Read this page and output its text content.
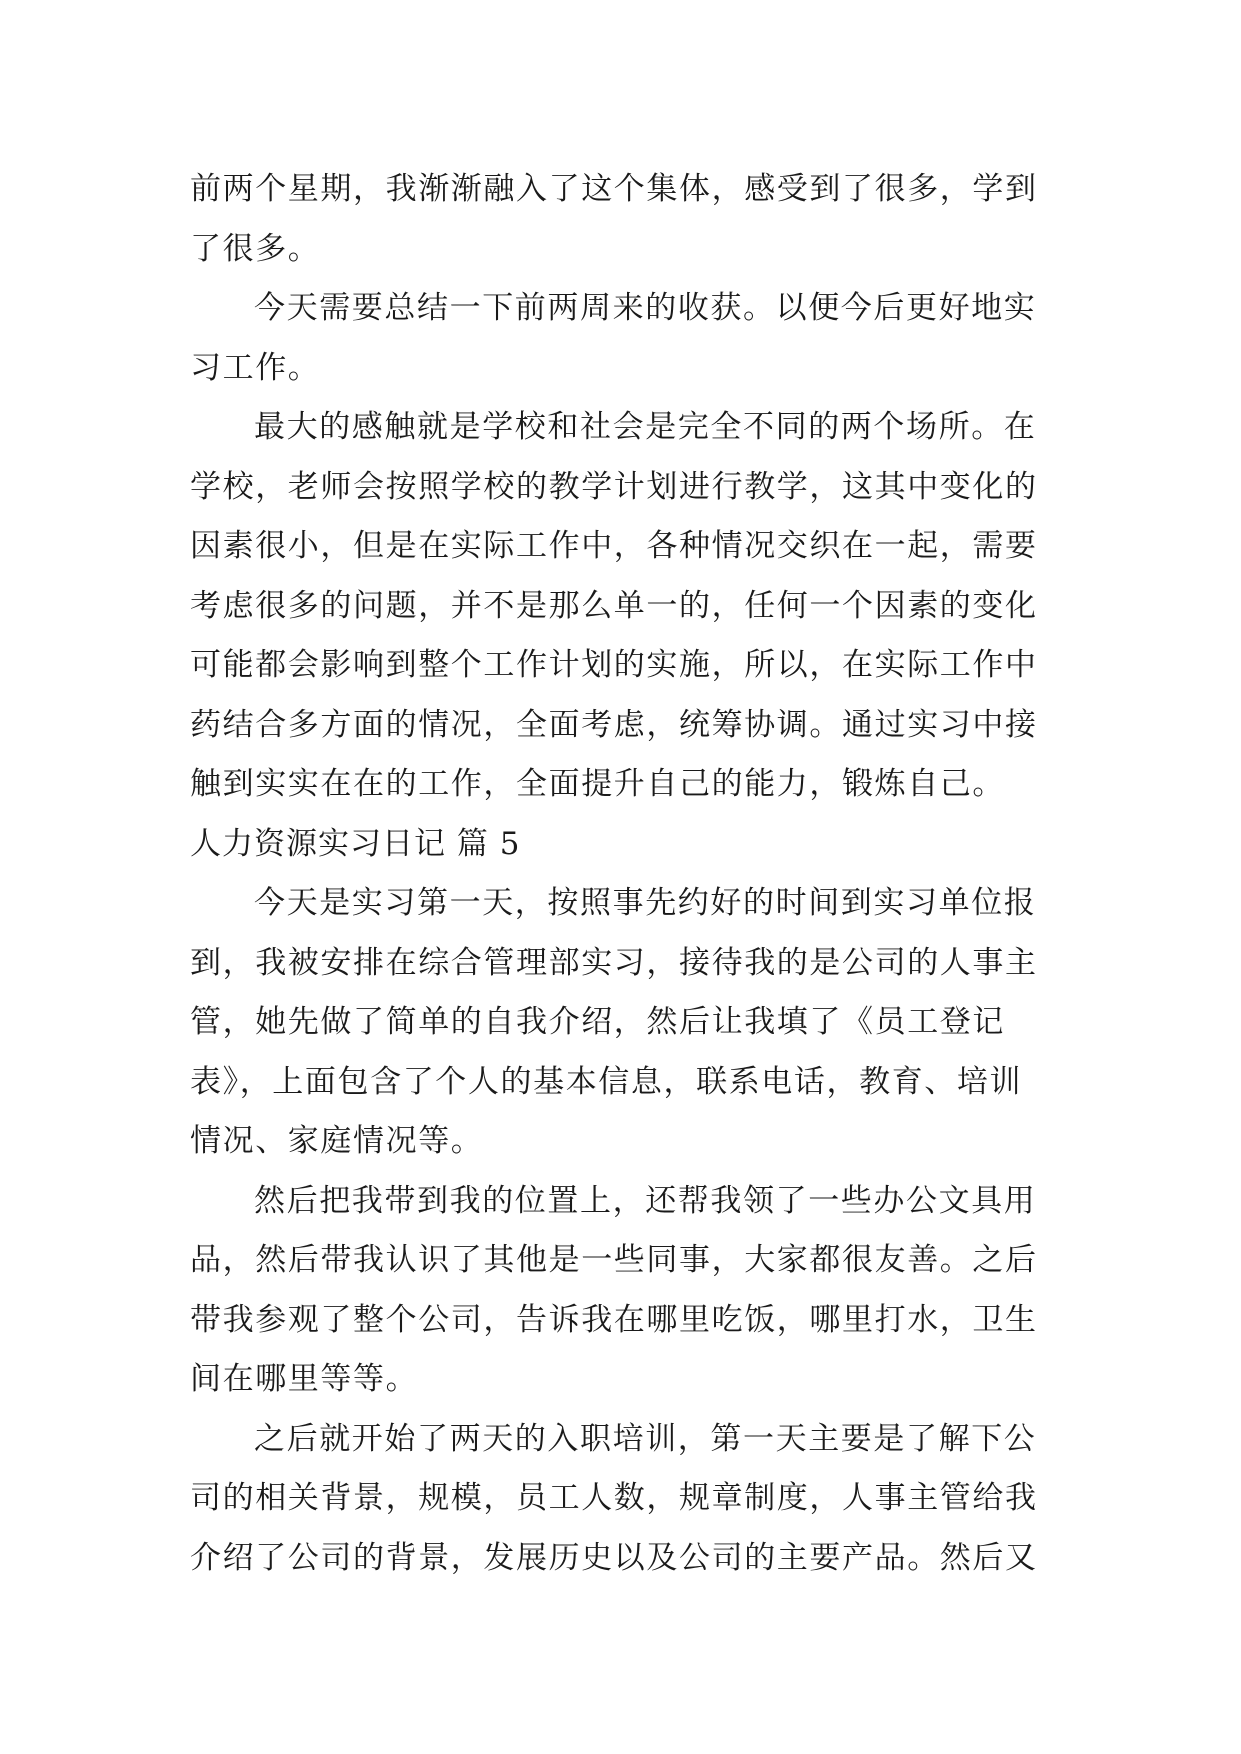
前两个星期，我渐渐融入了这个集体，感受到了很多，学到
了很多。
今天需要总结一下前两周来的收获。以便今后更好地实
习工作。
最大的感触就是学校和社会是完全不同的两个场所。在
学校，老师会按照学校的教学计划进行教学，这其中变化的
因素很小，但是在实际工作中，各种情况交织在一起，需要
考虑很多的问题，并不是那么单一的，任何一个因素的变化
可能都会影响到整个工作计划的实施，所以，在实际工作中
药结合多方面的情况，全面考虑，统筹协调。通过实习中接
触到实实在在的工作，全面提升自己的能力，锻炼自己。
人力资源实习日记 篇 5
今天是实习第一天，按照事先约好的时间到实习单位报
到，我被安排在综合管理部实习，接待我的是公司的人事主
管，她先做了简单的自我介绍，然后让我填了《员工登记
表》，上面包含了个人的基本信息，联系电话，教育、培训
情况、家庭情况等。
然后把我带到我的位置上，还帮我领了一些办公文具用
品，然后带我认识了其他是一些同事，大家都很友善。之后
带我参观了整个公司，告诉我在哪里吃饭，哪里打水，卫生
间在哪里等等。
之后就开始了两天的入职培训，第一天主要是了解下公
司的相关背景，规模，员工人数，规章制度，人事主管给我
介绍了公司的背景，发展历史以及公司的主要产品。然后又
